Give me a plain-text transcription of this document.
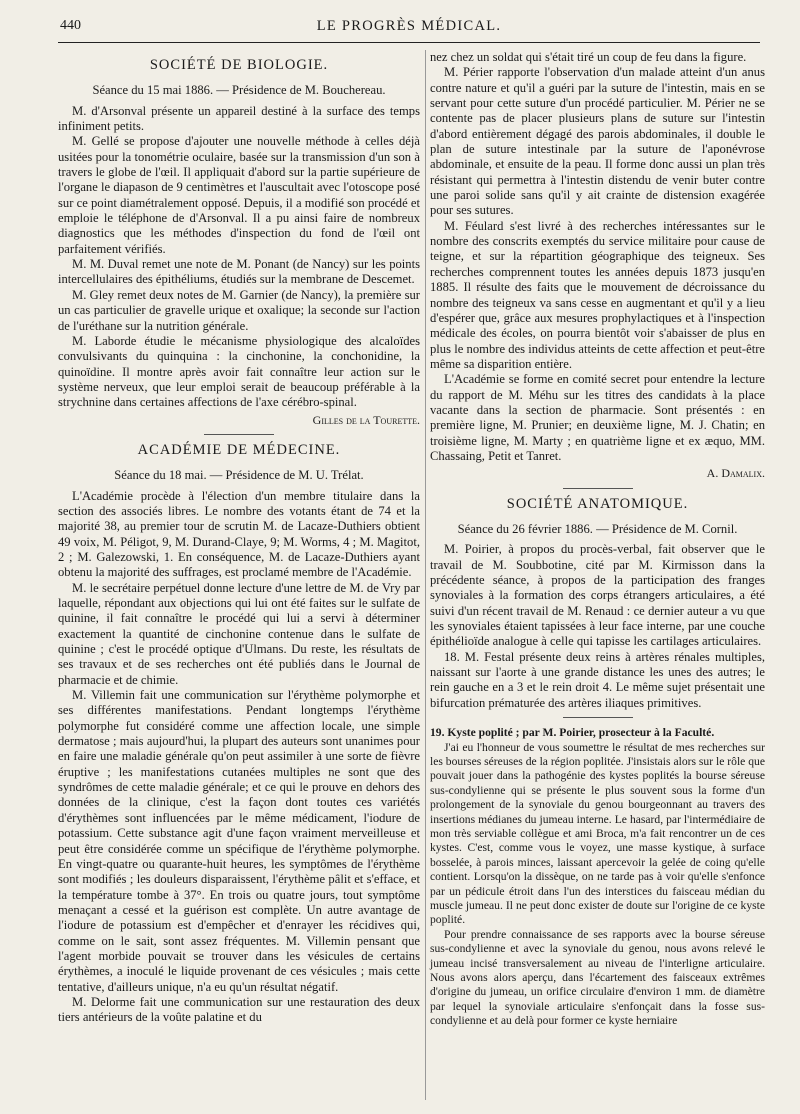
440	LE PROGRÈS MÉDICAL.
SOCIÉTÉ DE BIOLOGIE.
Séance du 15 mai 1886. — Présidence de M. Bouchereau.

M. d'Arsonval présente un appareil destiné à la surface des temps infiniment petits.

M. Gellé se propose d'ajouter une nouvelle méthode à celles déjà usitées pour la tonométrie oculaire, basée sur la transmission d'un son à travers le globe de l'œil. Il appliquait d'abord sur la partie supérieure de l'organe le diapason de 9 centimètres et l'auscultait avec l'otoscope posé sur ce point diamétralement opposé. Depuis, il a modifié son procédé et emploie le téléphone de d'Arsonval. Il a pu ainsi faire de nombreux diagnostics que les méthodes d'inspection du fond de l'œil ont parfaitement vérifiés.

M. M. Duval remet une note de M. Ponant (de Nancy) sur les points intercellulaires des épithéliums, étudiés sur la membrane de Descemet.

M. Gley remet deux notes de M. Garnier (de Nancy), la première sur un cas particulier de gravelle urique et oxalique; la seconde sur l'action de l'uréthane sur la nutrition générale.

M. Laborde étudie le mécanisme physiologique des alcaloïdes convulsivants du quinquina : la cinchonine, la conchonidine, la quinoïdine. Il montre après avoir fait connaître leur action sur le système nerveux, que leur emploi serait de beaucoup préférable à la strychnine dans certaines affections de l'axe cérébro-spinal.

Gilles de la Tourette.
ACADÉMIE DE MÉDECINE.
Séance du 18 mai. — Présidence de M. U. Trélat.

L'Académie procède à l'élection d'un membre titulaire dans la section des associés libres. Le nombre des votants étant de 74 et la majorité 38, au premier tour de scrutin M. de Lacaze-Duthiers obtient 49 voix, M. Péligot, 9, M. Durand-Claye, 9; M. Worms, 4 ; M. Magitot, 2 ; M. Galezowski, 1. En conséquence, M. de Lacaze-Duthiers ayant obtenu la majorité des suffrages, est proclamé membre de l'Académie.

M. le secrétaire perpétuel donne lecture d'une lettre de M. de Vry par laquelle, répondant aux objections qui lui ont été faites sur le sulfate de quinine, il fait connaître le procédé qui lui a servi à déterminer exactement la quantité de cinchonine contenue dans le sulfate de quinine ; c'est le procédé optique d'Ulmans. Du reste, les résultats de ses travaux et de ses recherches ont été publiés dans le Journal de pharmacie et de chimie.

M. Villemin fait une communication sur l'érythème polymorphe et ses différentes manifestations. Pendant longtemps l'érythème polymorphe fut considéré comme une affection locale, une simple dermatose ; mais aujourd'hui, la plupart des auteurs sont unanimes pour en faire une maladie générale qu'on peut assimiler à une sorte de fièvre éruptive ; les manifestations cutanées multiples ne sont que des syndrômes de cette maladie générale; et ce qui le prouve en dehors des données de la clinique, c'est la façon dont toutes ces variétés d'érythèmes sont influencées par le même médicament, l'iodure de potassium. Cette substance agit d'une façon vraiment merveilleuse et peut être considérée comme un spécifique de l'érythème polymorphe. En vingt-quatre ou quarante-huit heures, les symptômes de l'érythème sont modifiés ; les douleurs disparaissent, l'érythème pâlit et s'efface, et la température tombe à 37°. En trois ou quatre jours, tout symptôme menaçant a cessé et la guérison est complète. Un autre avantage de l'iodure de potassium est d'empêcher et d'enrayer les récidives qui, comme on le sait, sont assez fréquentes. M. Villemin pensant que l'agent morbide pouvait se trouver dans les vésicules de certains érythèmes, a inoculé le liquide provenant de ces vésicules ; mais cette tentative, d'ailleurs unique, n'a eu qu'un résultat négatif.

M. Delorme fait une communication sur une restauration des deux tiers antérieurs de la voûte palatine et du

nez chez un soldat qui s'était tiré un coup de feu dans la figure.

M. Périer rapporte l'observation d'un malade atteint d'un anus contre nature et qu'il a guéri par la suture de l'intestin, mais en se servant pour cette suture d'un procédé particulier. M. Périer ne se contente pas de placer plusieurs plans de suture sur l'intestin d'abord entièrement dégagé des parois abdominales, il double le plan de suture intestinale par la suture de l'aponévrose abdominale, et ensuite de la peau. Il forme donc aussi un plan très résistant qui permettra à l'intestin distendu de venir buter contre une paroi solide sans qu'il y ait crainte de distension exagérée pour ses sutures.

M. Féulard s'est livré à des recherches intéressantes sur le nombre des conscrits exemptés du service militaire pour cause de teigne, et sur la répartition géographique des teigneux. Ses recherches comprennent toutes les années depuis 1873 jusqu'en 1885. Il résulte des faits que le mouvement de décroissance du nombre des teigneux va sans cesse en augmentant et qu'il y a lieu d'espérer que, grâce aux mesures prophylactiques et à l'inspection médicale des écoles, on pourra bientôt voir s'abaisser de plus en plus le nombre des individus atteints de cette affection et peut-être même sa disparition entière.

L'Académie se forme en comité secret pour entendre la lecture du rapport de M. Méhu sur les titres des candidats à la place vacante dans la section de pharmacie. Sont présentés : en première ligne, M. Prunier; en deuxième ligne, M. J. Chatin; en troisième ligne, M. Marty ; en quatrième ligne et ex æquo, MM. Chassaing, Petit et Tanret.

A. Damalix.
SOCIÉTÉ ANATOMIQUE.
Séance du 26 février 1886. — Présidence de M. Cornil.

M. Poirier, à propos du procès-verbal, fait observer que le travail de M. Soubbotine, cité par M. Kirmisson dans la précédente séance, à propos de la participation des franges synoviales à la formation des corps étrangers articulaires, a été suivi d'un récent travail de M. Renaud : ce dernier auteur a vu que les synoviales étaient tapissées à leur face interne, par une couche épithélioïde analogue à celle qui tapisse les cartilages articulaires.

18. M. Festal présente deux reins à artères rénales multiples, naissant sur l'aorte à une grande distance les unes des autres; le rein gauche en a 3 et le rein droit 4. Le même sujet présentait une bifurcation prématurée des artères iliaques primitives.

19. Kyste poplité ; par M. Poirier, prosecteur à la Faculté.

J'ai eu l'honneur de vous soumettre le résultat de mes recherches sur les bourses séreuses de la région poplitée. J'insistais alors sur le rôle que pouvait jouer dans la pathogénie des kystes poplités la bourse séreuse sus-condylienne qui se présente le plus souvent sous la forme d'un prolongement de la synoviale du genou bourgeonnant au travers des insertions médianes du jumeau interne. Le hasard, par l'intermédiaire de mon très serviable collègue et ami Broca, m'a fait rencontrer un de ces kystes. C'est, comme vous le voyez, une masse kystique, à surface bosselée, à parois minces, laissant apercevoir la gelée de coing qu'elle contient. Lorsqu'on la dissèque, on ne tarde pas à voir qu'elle s'enfonce par un pédicule étroit dans l'un des interstices du faisceau médian du muscle jumeau. Il ne peut donc exister de doute sur l'origine de ce kyste poplité.

Pour prendre connaissance de ses rapports avec la bourse séreuse sus-condylienne et avec la synoviale du genou, nous avons relevé le jumeau incisé transversalement au niveau de l'interligne articulaire. Nous avons alors aperçu, dans l'écartement des faisceaux extrêmes d'origine du jumeau, un orifice circulaire d'environ 1 mm. de diamètre par lequel la synoviale articulaire s'enfonçait dans la fosse sus-condylienne et au delà pour former ce kyste herniaire
